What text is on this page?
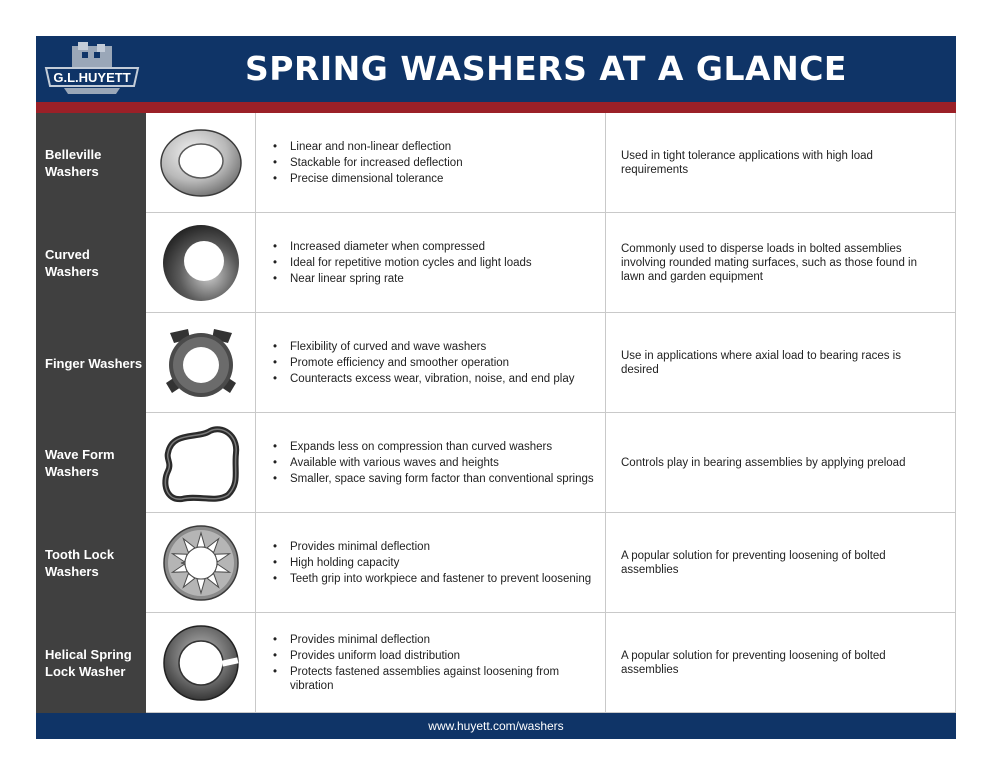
G.L.HUYETT	SPRING WASHERS AT A GLANCE
Belleville Washers
• Linear and non-linear deflection
• Stackable for increased deflection
• Precise dimensional tolerance
Used in tight tolerance applications with high load requirements
Curved Washers
• Increased diameter when compressed
• Ideal for repetitive motion cycles and light loads
• Near linear spring rate
Commonly used to disperse loads in bolted assemblies involving rounded mating surfaces, such as those found in lawn and garden equipment
Finger Washers
• Flexibility of curved and wave washers
• Promote efficiency and smoother operation
• Counteracts excess wear, vibration, noise, and end play
Use in applications where axial load to bearing races is desired
Wave Form Washers
• Expands less on compression than curved washers
• Available with various waves and heights
• Smaller, space saving form factor than conventional springs
Controls play in bearing assemblies by applying preload
Tooth Lock Washers
• Provides minimal deflection
• High holding capacity
• Teeth grip into workpiece and fastener to prevent loosening
A popular solution for preventing loosening of bolted assemblies
Helical Spring Lock Washer
• Provides minimal deflection
• Provides uniform load distribution
• Protects fastened assemblies against loosening from vibration
A popular solution for preventing loosening of bolted assemblies
www.huyett.com/washers
